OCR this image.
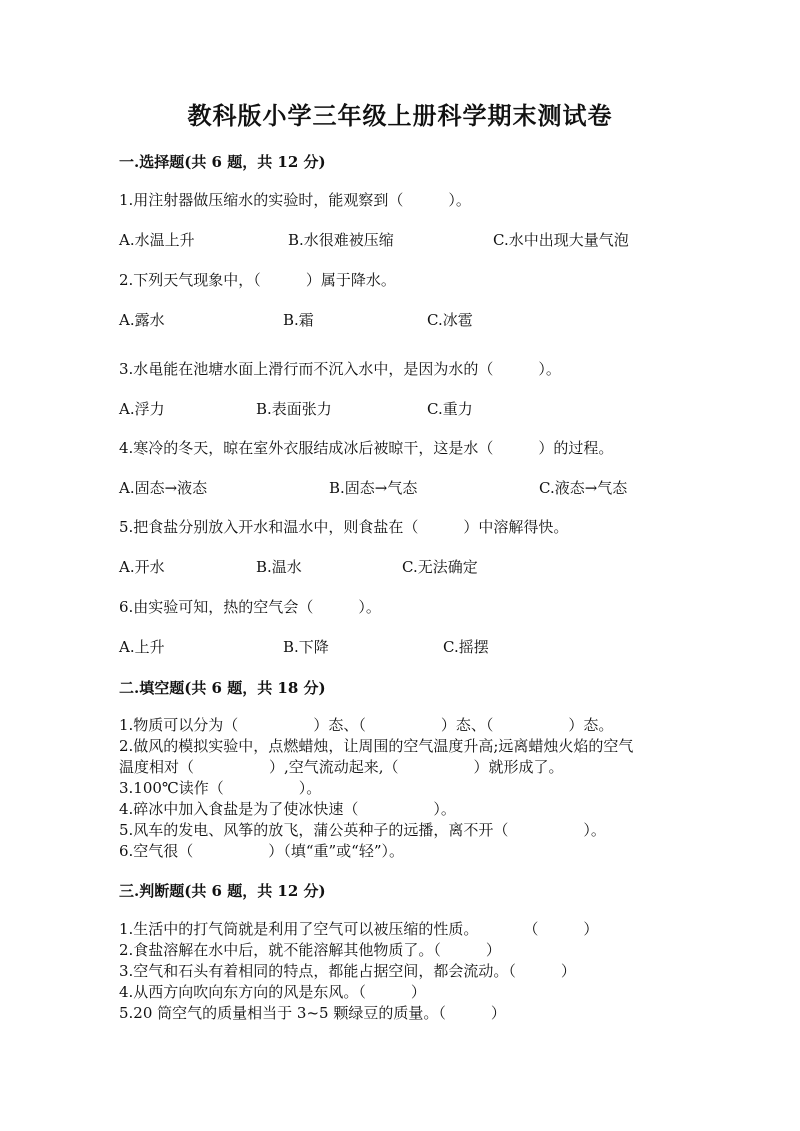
教科版小学三年级上册科学期末测试卷
一.选择题(共 6 题，共 12 分)
1.用注射器做压缩水的实验时，能观察到（　　　）。
A.水温上升	B.水很难被压缩	C.水中出现大量气泡
2.下列天气现象中，（　　　）属于降水。
A.露水	B.霜	C.冰雹
3.水黾能在池塘水面上滑行而不沉入水中，是因为水的（　　　）。
A.浮力	B.表面张力	C.重力
4.寒冷的冬天，晾在室外衣服结成冰后被晾干，这是水（　　　）的过程。
A.固态→液态	B.固态→气态	C.液态→气态
5.把食盐分别放入开水和温水中，则食盐在（　　　）中溶解得快。
A.开水	B.温水	C.无法确定
6.由实验可知，热的空气会（　　　）。
A.上升	B.下降	C.摇摆
二.填空题(共 6 题，共 18 分)
1.物质可以分为（　　　　　）态、（　　　　　）态、（　　　　　）态。
2.做风的模拟实验中，点燃蜡烛，让周围的空气温度升高;远离蜡烛火焰的空气
温度相对（　　　　　）,空气流动起来,（　　　　　）就形成了。
3.100℃读作（　　　　　）。
4.碎冰中加入食盐是为了使冰快速（　　　　　）。
5.风车的发电、风筝的放飞，蒲公英种子的远播，离不开（　　　　　）。
6.空气很（　　　　　）（填“重”或“轻”）。
三.判断题(共 6 题，共 12 分)
1.生活中的打气筒就是利用了空气可以被压缩的性质。　　　　（　　　）
2.食盐溶解在水中后，就不能溶解其他物质了。（　　　）
3.空气和石头有着相同的特点，都能占据空间，都会流动。（　　　）
4.从西方向吹向东方向的风是东风。（　　　）
5.20 筒空气的质量相当于 3~5 颗绿豆的质量。（　　　）
